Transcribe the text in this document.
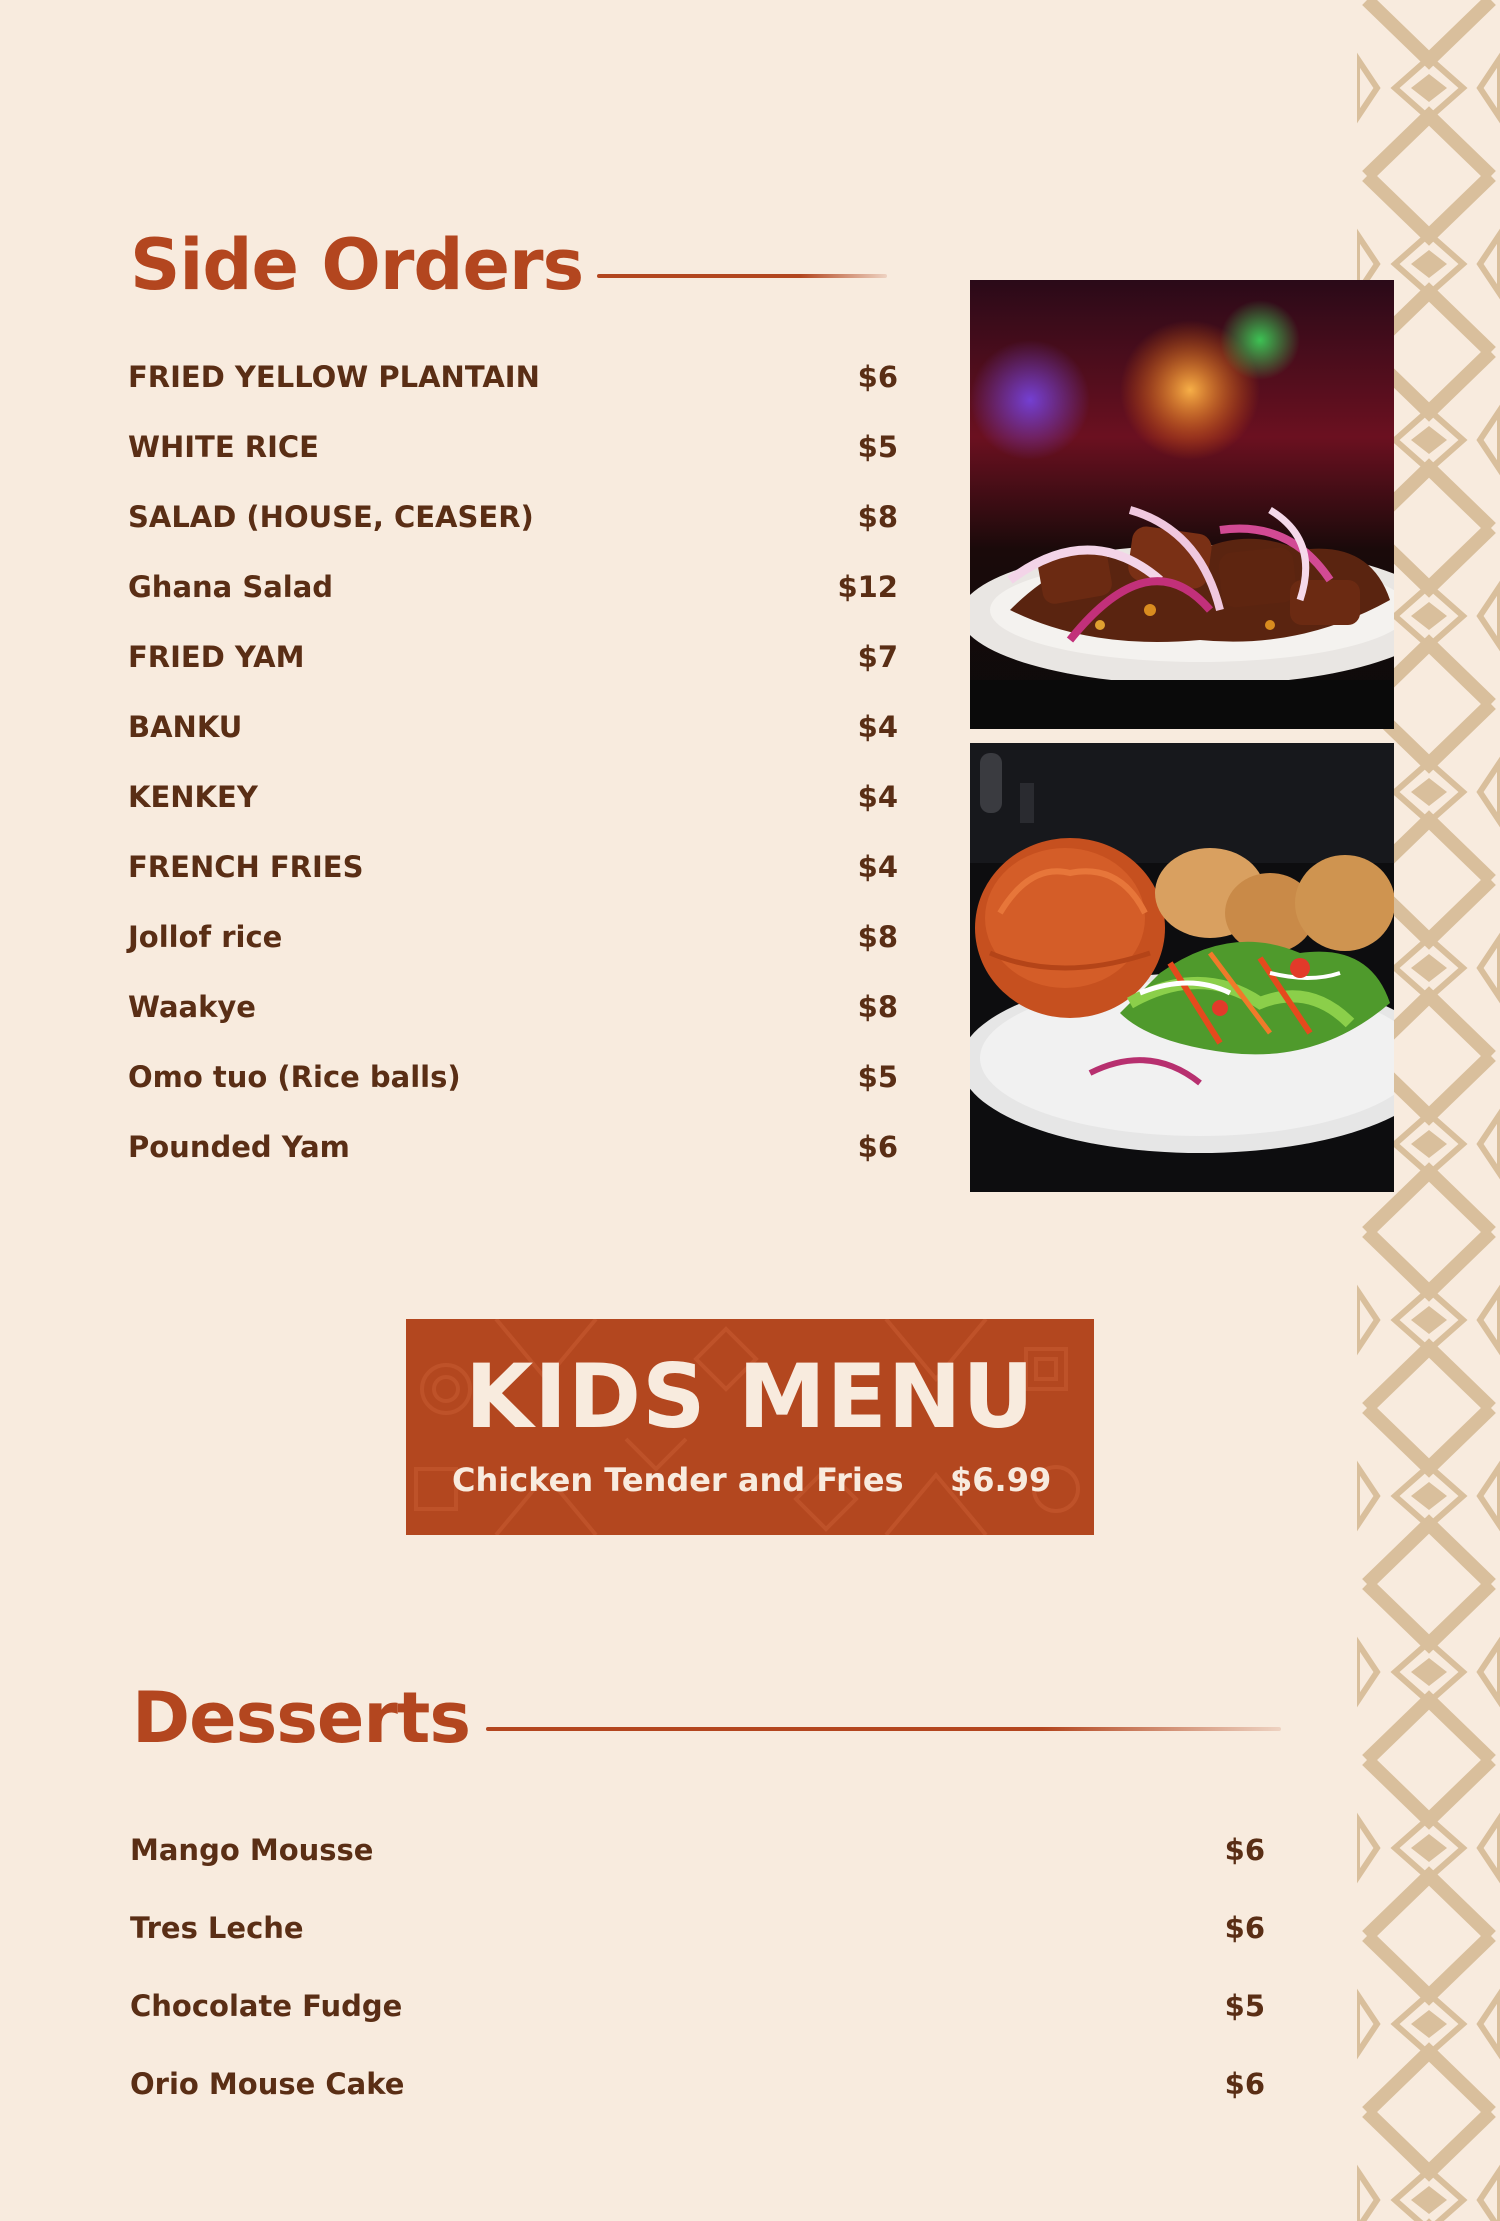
Side Orders
FRIED YELLOW PLANTAIN	$6
WHITE RICE	$5
SALAD (HOUSE, CEASER)	$8
Ghana Salad	$12
FRIED YAM	$7
BANKU	$4
KENKEY	$4
FRENCH FRIES	$4
Jollof rice	$8
Waakye	$8
Omo tuo (Rice balls)	$5
Pounded Yam	$6
KIDS MENU
Chicken Tender and Fries $6.99
Desserts
Mango Mousse	$6
Tres Leche	$6
Chocolate Fudge	$5
Orio Mouse Cake	$6
